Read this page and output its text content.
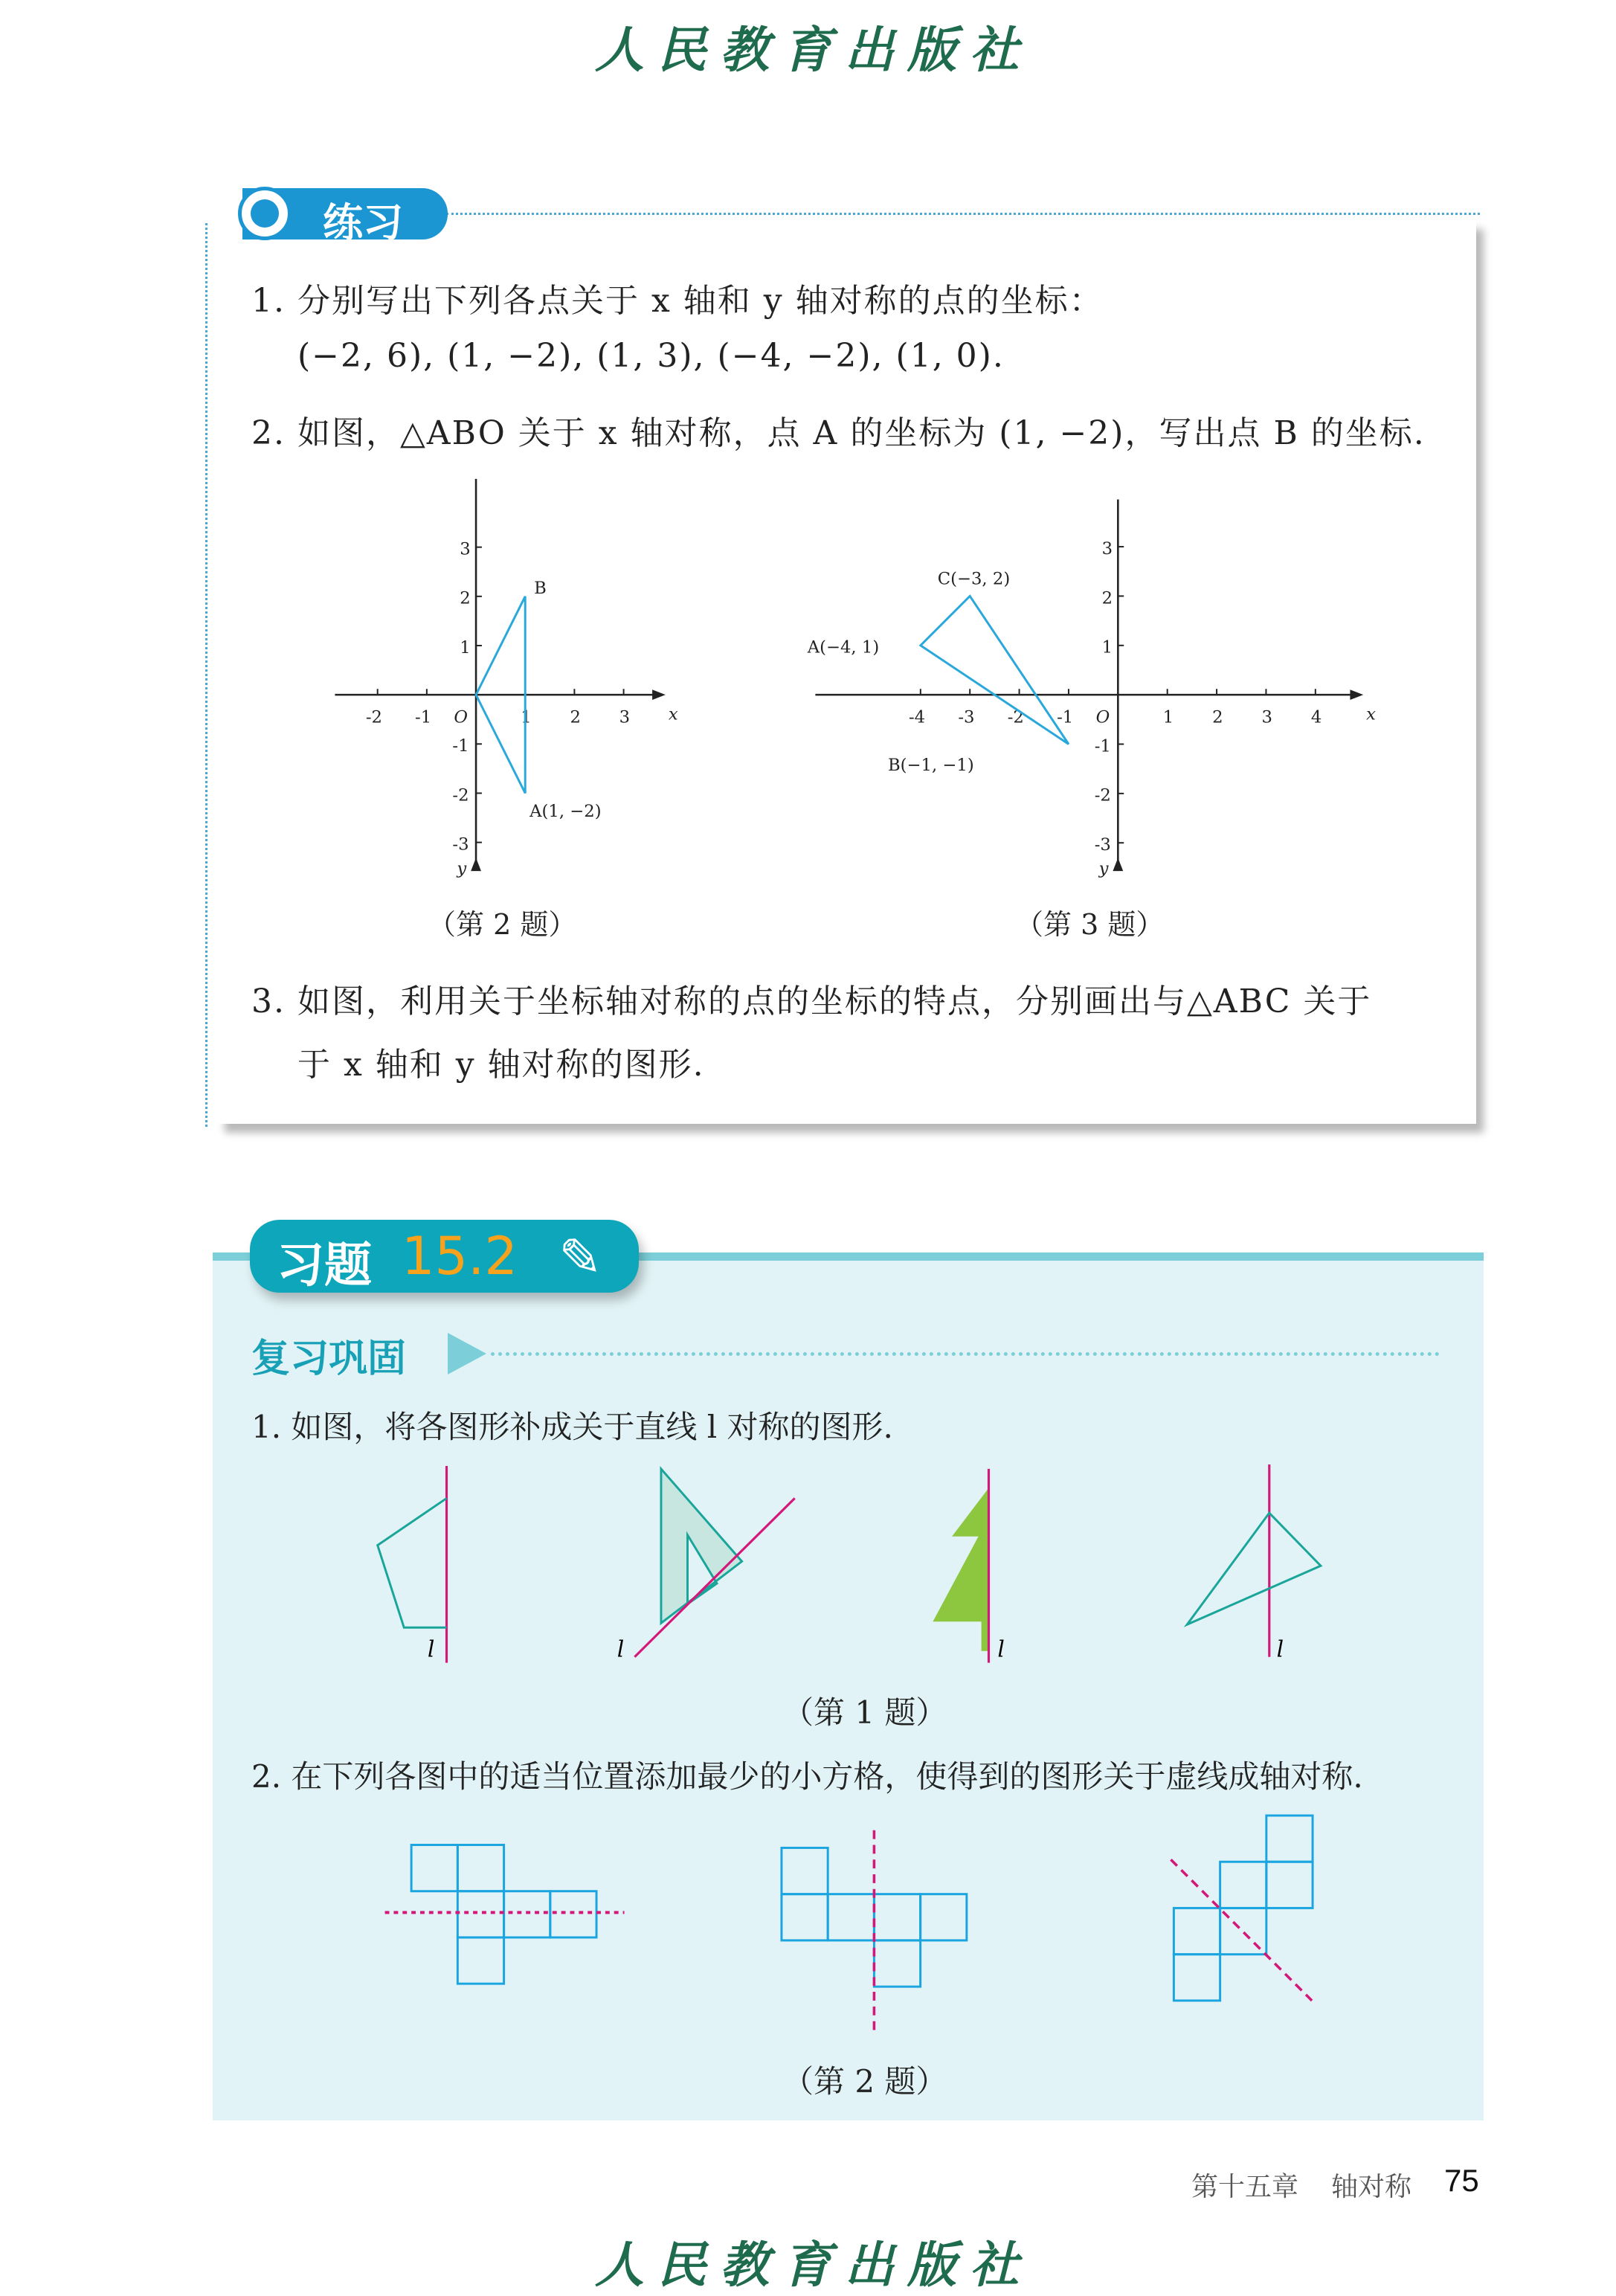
人民教育出版社
练习
1. 分别写出下列各点关于 x 轴和 y 轴对称的点的坐标：
(−2, 6), (1, −2), (1, 3), (−4, −2), (1, 0).
2. 如图，△ABO 关于 x 轴对称，点 A 的坐标为 (1, −2)，写出点 B 的坐标.
（第 2 题）	（第 3 题）
3. 如图，利用关于坐标轴对称的点的坐标的特点，分别画出与△ABC 关于
于 x 轴和 y 轴对称的图形.
习题 15.2 ✎
复习巩固
1. 如图，将各图形补成关于直线 l 对称的图形.
（第 1 题）
2. 在下列各图中的适当位置添加最少的小方格，使得到的图形关于虚线成轴对称.
（第 2 题）
-2	-1	1	2	3
-3
-2
-1
1
2
3
O	x
y
B
A(1, −2)
-4	-3	-2	-1	1	2	3	4
-3
-2
-1
1
2
3
O	x
y
A(−4, 1)
C(−3, 2)
B(−1, −1)
l	l	l	l
第十五章 轴对称 75
人民教育出版社
